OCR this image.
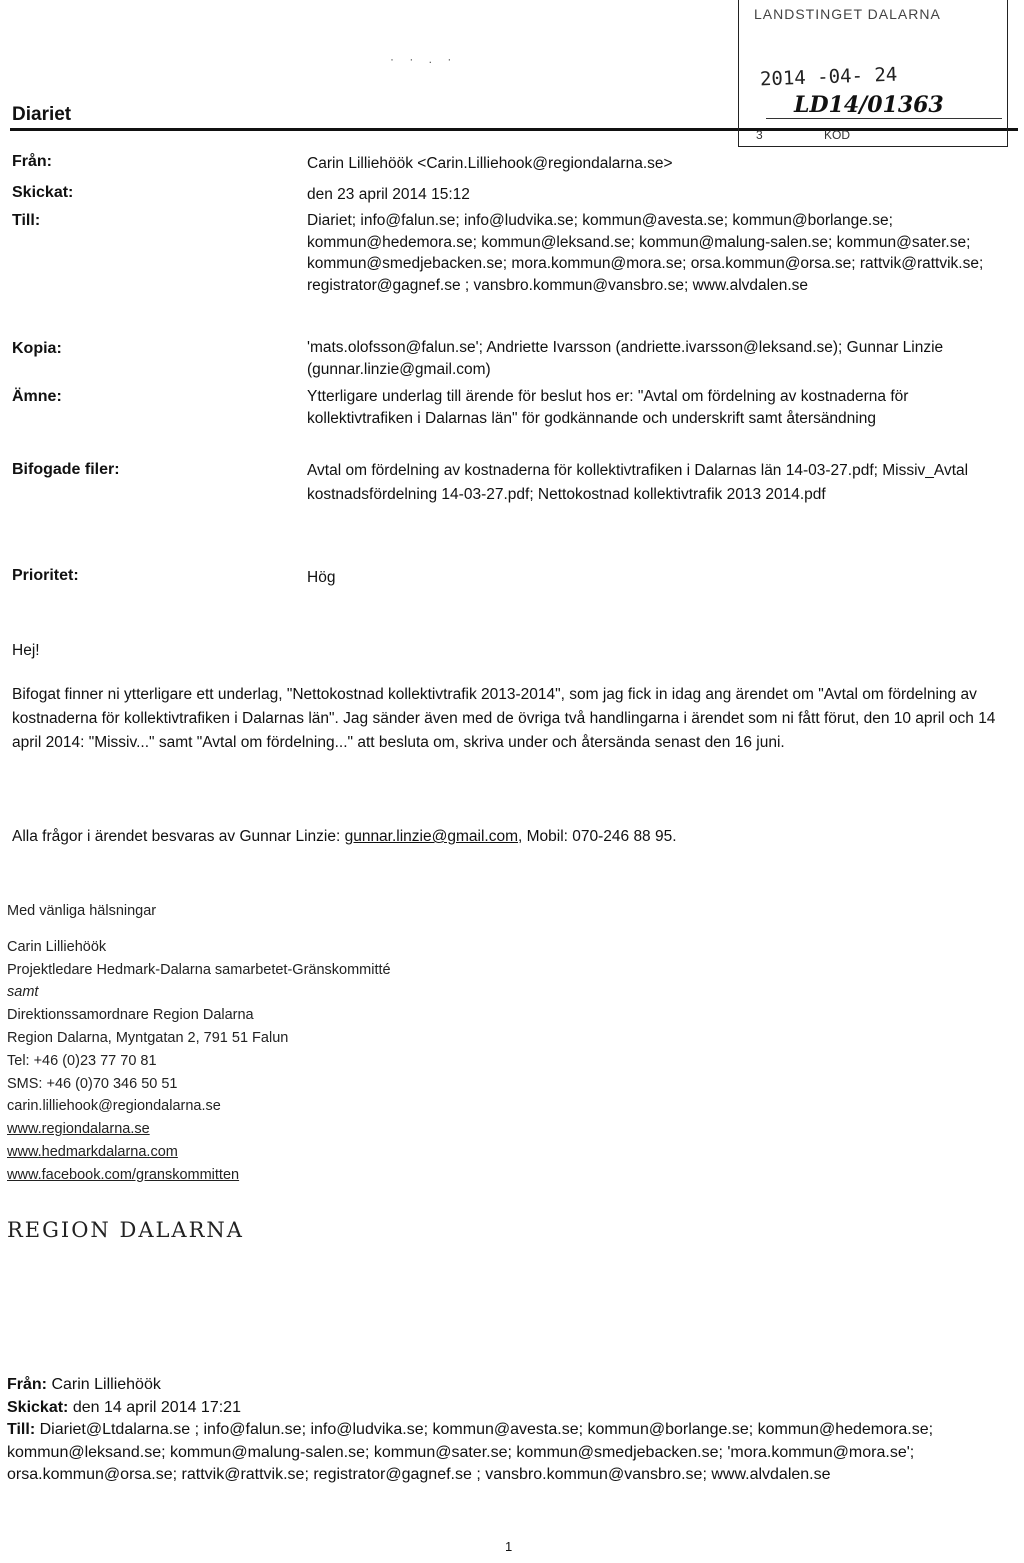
· · . ·
Diariet
LANDSTINGET DALARNA
2014 -04- 24
LD14/01363
3	KOD
Från:	Carin Lilliehöök <Carin.Lilliehook@regiondalarna.se>
Skickat:	den 23 april 2014 15:12
Till:	Diariet; info@falun.se; info@ludvika.se; kommun@avesta.se; kommun@borlange.se; kommun@hedemora.se; kommun@leksand.se; kommun@malung-salen.se; kommun@sater.se; kommun@smedjebacken.se; mora.kommun@mora.se; orsa.kommun@orsa.se; rattvik@rattvik.se; registrator@gagnef.se ; vansbro.kommun@vansbro.se; www.alvdalen.se
Kopia:	'mats.olofsson@falun.se'; Andriette Ivarsson (andriette.ivarsson@leksand.se); Gunnar Linzie (gunnar.linzie@gmail.com)
Ämne:	Ytterligare underlag till ärende för beslut hos er: "Avtal om fördelning av kostnaderna för kollektivtrafiken i Dalarnas län" för godkännande och underskrift samt återsändning
Bifogade filer:	Avtal om fördelning av kostnaderna för kollektivtrafiken i Dalarnas län 14-03-27.pdf; Missiv_Avtal kostnadsfördelning 14-03-27.pdf; Nettokostnad kollektivtrafik 2013 2014.pdf
Prioritet:	Hög
Hej!
Bifogat finner ni ytterligare ett underlag, "Nettokostnad kollektivtrafik 2013-2014", som jag fick in idag ang ärendet om "Avtal om fördelning av kostnaderna för kollektivtrafiken i Dalarnas län". Jag sänder även med de övriga två handlingarna i ärendet som ni fått förut, den 10 april och 14 april 2014: "Missiv..." samt "Avtal om fördelning..." att besluta om, skriva under och återsända senast den 16 juni.
Alla frågor i ärendet besvaras av Gunnar Linzie: gunnar.linzie@gmail.com, Mobil: 070-246 88 95.
Med vänliga hälsningar
Carin Lilliehöök
Projektledare Hedmark-Dalarna samarbetet-Gränskommitté
samt
Direktionssamordnare Region Dalarna
Region Dalarna, Myntgatan 2, 791 51 Falun
Tel: +46 (0)23 77 70 81
SMS: +46 (0)70 346 50 51
carin.lilliehook@regiondalarna.se
www.regiondalarna.se
www.hedmarkdalarna.com
www.facebook.com/granskommitten
REGION DALARNA
Från: Carin Lilliehöök
Skickat: den 14 april 2014 17:21
Till: Diariet@Ltdalarna.se ; info@falun.se; info@ludvika.se; kommun@avesta.se; kommun@borlange.se; kommun@hedemora.se; kommun@leksand.se; kommun@malung-salen.se; kommun@sater.se; kommun@smedjebacken.se; 'mora.kommun@mora.se'; orsa.kommun@orsa.se; rattvik@rattvik.se; registrator@gagnef.se ; vansbro.kommun@vansbro.se; www.alvdalen.se
1
